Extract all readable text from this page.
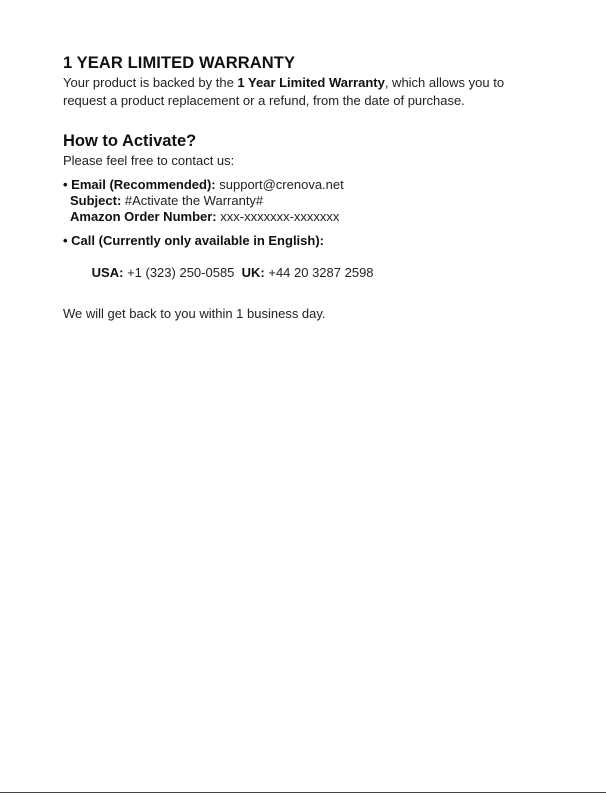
1 YEAR LIMITED WARRANTY

Your product is backed by the 1 Year Limited Warranty, which allows you to
request a product replacement or a refund, from the date of purchase.

How to Activate?

Please feel free to contact us:

• Email (Recommended): support@crenova.net
Subject: #Activate the Warranty#
Amazon Order Number: xxx-xxxxxxx-xxxxxxx
• Call (Currently only available in English):

USA: +1 (323) 250-0585  UK: +44 20 3287 2598

We will get back to you within 1 business day.
